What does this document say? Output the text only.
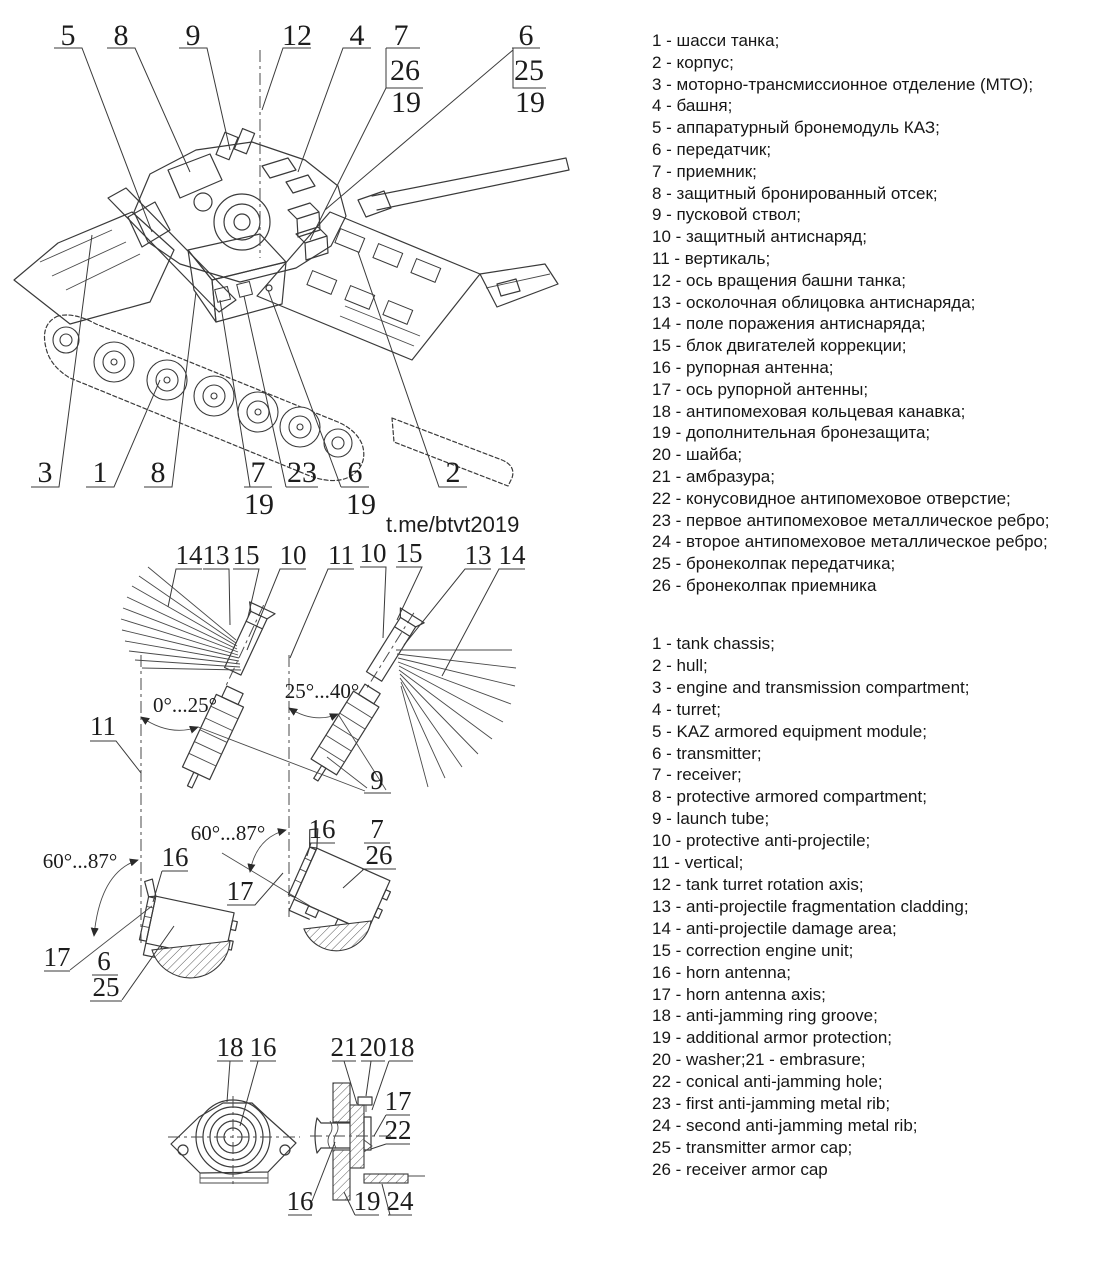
5 8 9	12 4 7
26
19
6
25
19
3 1 8	7
19
23 6
19
2
14 13 15 10 11 10 15 13 14
11
9
0°...25°
25°...40°
60°...87°
60°...87°
16
17 6
25
17
16 7
26
18 16 21 20 18
17
22
16 19 24
t.me/btvt2019
1 - шасси танка;
2 - корпус;
3 - моторно-трансмиссионное отделение (МТО);
4 - башня;
5 - аппаратурный бронемодуль КАЗ;
6 - передатчик;
7 - приемник;
8 - защитный бронированный отсек;
9 - пусковой ствол;
10 - защитный антиснаряд;
11 - вертикаль;
12 - ось вращения башни танка;
13 - осколочная облицовка антиснаряда;
14 - поле поражения антиснаряда;
15 - блок двигателей коррекции;
16 - рупорная антенна;
17 - ось рупорной антенны;
18 - антипомеховая кольцевая канавка;
19 - дополнительная бронезащита;
20 - шайба;
21 - амбразура;
22 - конусовидное антипомеховое отверстие;
23 - первое антипомеховое металлическое ребро;
24 - второе антипомеховое металлическое ребро;
25 - бронеколпак передатчика;
26 - бронеколпак приемника
1 - tank chassis;
2 - hull;
3 - engine and transmission compartment;
4 - turret;
5 - KAZ armored equipment module;
6 - transmitter;
7 - receiver;
8 - protective armored compartment;
9 - launch tube;
10 - protective anti-projectile;
11 - vertical;
12 - tank turret rotation axis;
13 - anti-projectile fragmentation cladding;
14 - anti-projectile damage area;
15 - correction engine unit;
16 - horn antenna;
17 - horn antenna axis;
18 - anti-jamming ring groove;
19 - additional armor protection;
20 - washer;21 - embrasure;
22 - conical anti-jamming hole;
23 - first anti-jamming metal rib;
24 - second anti-jamming metal rib;
25 - transmitter armor cap;
26 - receiver armor cap
